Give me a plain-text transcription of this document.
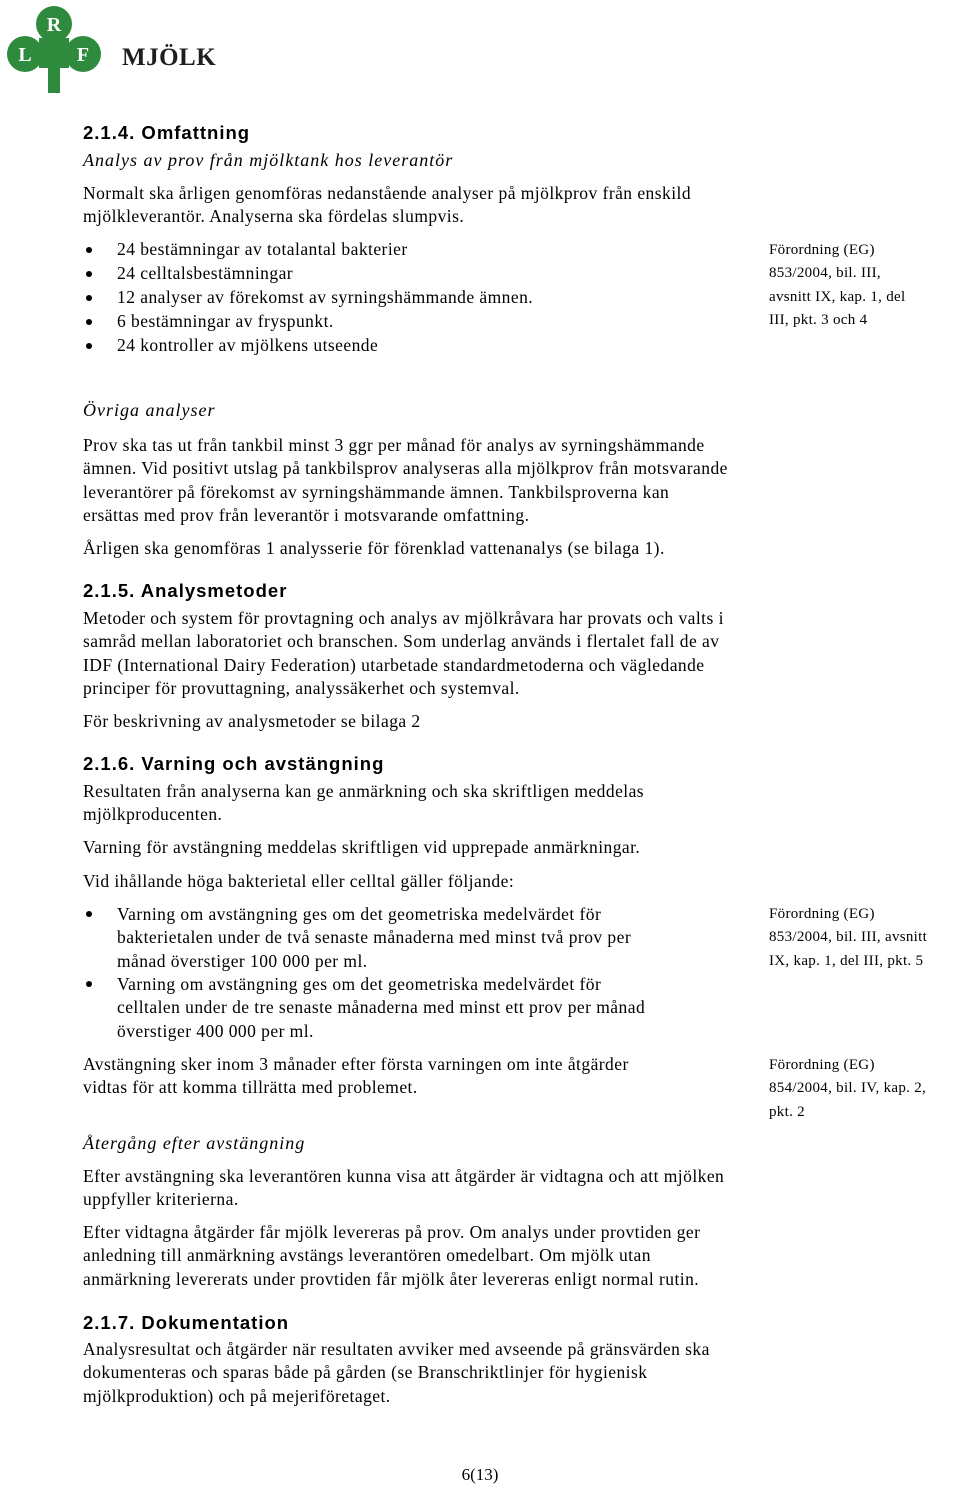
R
L F MJÖLK
2.1.4. Omfattning
Analys av prov från mjölktank hos leverantör
Normalt ska årligen genomföras nedanstående analyser på mjölkprov från enskild
mjölkleverantör. Analyserna ska fördelas slumpvis.
24 bestämningar av totalantal bakterier
24 celltalsbestämningar
12 analyser av förekomst av syrningshämmande ämnen.
6 bestämningar av fryspunkt.
24 kontroller av mjölkens utseende
Förordning (EG)
853/2004, bil. III,
avsnitt IX, kap. 1, del
III, pkt. 3 och 4
Övriga analyser
Prov ska tas ut från tankbil minst 3 ggr per månad för analys av syrningshämmande
ämnen. Vid positivt utslag på tankbilsprov analyseras alla mjölkprov från motsvarande
leverantörer på förekomst av syrningshämmande ämnen. Tankbilsproverna kan
ersättas med prov från leverantör i motsvarande omfattning.
Årligen ska genomföras 1 analysserie för förenklad vattenanalys (se bilaga 1).
2.1.5. Analysmetoder
Metoder och system för provtagning och analys av mjölkråvara har provats och valts i
samråd mellan laboratoriet och branschen. Som underlag används i flertalet fall de av
IDF (International Dairy Federation) utarbetade standardmetoderna och vägledande
principer för provuttagning, analyssäkerhet och systemval.
För beskrivning av analysmetoder se bilaga 2
2.1.6. Varning och avstängning
Resultaten från analyserna kan ge anmärkning och ska skriftligen meddelas
mjölkproducenten.
Varning för avstängning meddelas skriftligen vid upprepade anmärkningar.
Vid ihållande höga bakterietal eller celltal gäller följande:
Varning om avstängning ges om det geometriska medelvärdet för
bakterietalen under de två senaste månaderna med minst två prov per
månad överstiger 100 000 per ml.
Varning om avstängning ges om det geometriska medelvärdet för
celltalen under de tre senaste månaderna med minst ett prov per månad
överstiger 400 000 per ml.
Förordning (EG)
853/2004, bil. III, avsnitt
IX, kap. 1, del III, pkt. 5
Avstängning sker inom 3 månader efter första varningen om inte åtgärder
vidtas för att komma tillrätta med problemet.
Förordning (EG)
854/2004, bil. IV, kap. 2,
pkt. 2
Återgång efter avstängning
Efter avstängning ska leverantören kunna visa att åtgärder är vidtagna och att mjölken
uppfyller kriterierna.
Efter vidtagna åtgärder får mjölk levereras på prov. Om analys under provtiden ger
anledning till anmärkning avstängs leverantören omedelbart. Om mjölk utan
anmärkning levererats under provtiden får mjölk åter levereras enligt normal rutin.
2.1.7. Dokumentation
Analysresultat och åtgärder när resultaten avviker med avseende på gränsvärden ska
dokumenteras och sparas både på gården (se Branschriktlinjer för hygienisk
mjölkproduktion) och på mejeriföretaget.
6(13)
